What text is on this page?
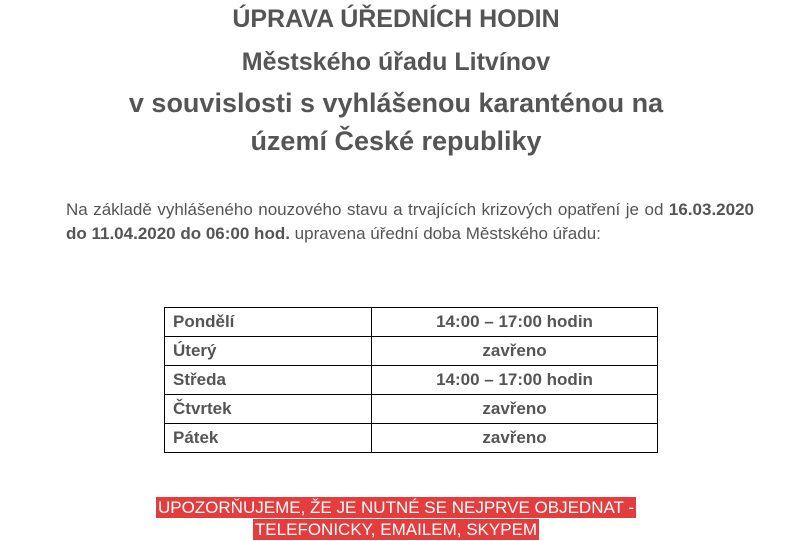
ÚPRAVA ÚŘEDNÍCH HODIN
Městského úřadu Litvínov
v souvislosti s vyhlášenou karanténou na
území České republiky

Na základě vyhlášeného nouzového stavu a trvajících krizových opatření je od 16.03.2020 do 11.04.2020 do 06:00 hod. upravena úřední doba Městského úřadu:

Pondělí	14:00 – 17:00 hodin
Úterý	zavřeno
Středa	14:00 – 17:00 hodin
Čtvrtek	zavřeno
Pátek	zavřeno

UPOZORŇUJEME, ŽE JE NUTNÉ SE NEJPRVE OBJEDNAT -
TELEFONICKY, EMAILEM, SKYPEM
